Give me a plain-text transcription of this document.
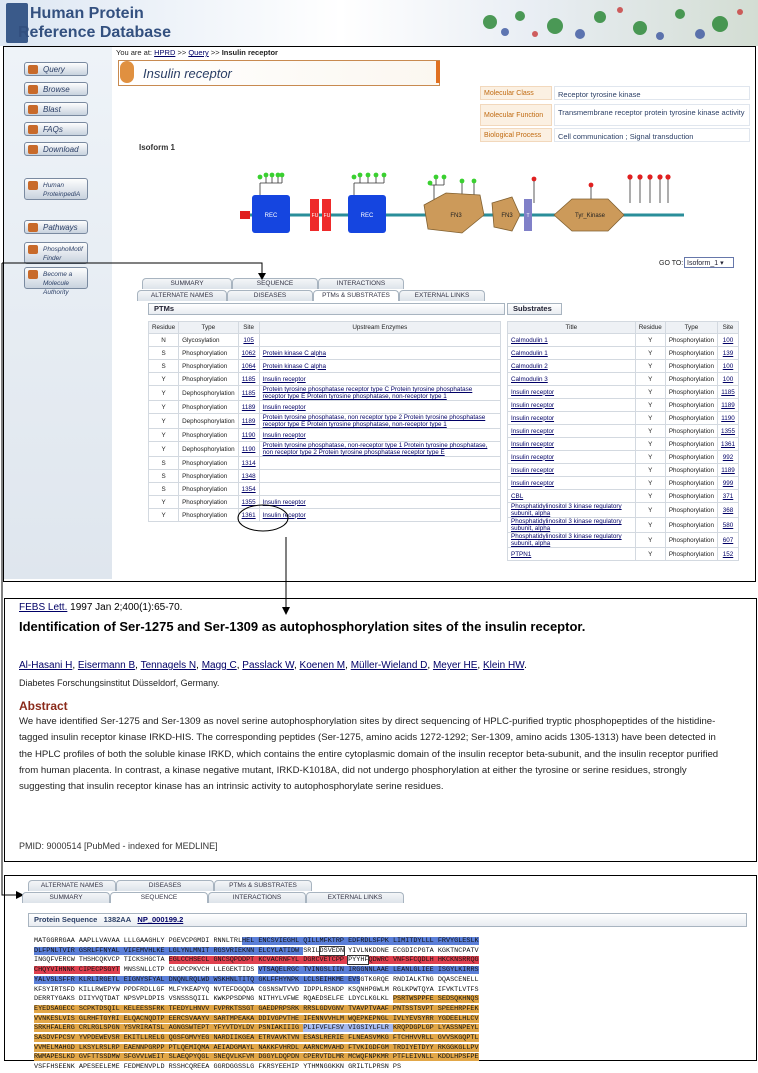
Human Protein
Reference Database
Query
Browse
Blast
FAQs
Download
Human ProteinpediA
Pathways
PhosphoMotif Finder
Become a Molecule Authority
You are at: HPRD >> Query >> Insulin receptor
Insulin receptor
Molecular Class	Receptor tyrosine kinase
Molecular Function	Transmembrane receptor protein tyrosine kinase activity
Biological Process	Cell communication ; Signal transduction
Isoform 1
REC	FU FU	REC	FN3	FN3	T	Tyr_Kinase
GO TO: Isoform_1 ▾
SUMMARY	SEQUENCE	INTERACTIONS
ALTERNATE NAMES	DISEASES	PTMs & SUBSTRATES	EXTERNAL LINKS
PTMs
Residue	Type	Site	Upstream Enzymes
N	Glycosylation	105	
S	Phosphorylation	1062	Protein kinase C alpha
S	Phosphorylation	1064	Protein kinase C alpha
Y	Phosphorylation	1185	Insulin receptor
Y	Dephosphorylation	1185	Protein tyrosine phosphatase receptor type C Protein tyrosine phosphatase receptor type E Protein tyrosine phosphatase, non-receptor type 1
Y	Phosphorylation	1189	Insulin receptor
Y	Dephosphorylation	1189	Protein tyrosine phosphatase, non receptor type 2 Protein tyrosine phosphatase receptor type E Protein tyrosine phosphatase, non-receptor type 1
Y	Phosphorylation	1190	Insulin receptor
Y	Dephosphorylation	1190	Protein tyrosine phosphatase, non-receptor type 1 Protein tyrosine phosphatase, non receptor type 2 Protein tyrosine phosphatase receptor type E
S	Phosphorylation	1314	
S	Phosphorylation	1348	
S	Phosphorylation	1354	
Y	Phosphorylation	1355	Insulin receptor
Y	Phosphorylation	1361	Insulin receptor
Substrates
Title	Residue	Type	Site
Calmodulin 1	Y	Phosphorylation	100
Calmodulin 1	Y	Phosphorylation	139
Calmodulin 2	Y	Phosphorylation	100
Calmodulin 3	Y	Phosphorylation	100
Insulin receptor	Y	Phosphorylation	1185
Insulin receptor	Y	Phosphorylation	1189
Insulin receptor	Y	Phosphorylation	1190
Insulin receptor	Y	Phosphorylation	1355
Insulin receptor	Y	Phosphorylation	1361
Insulin receptor	Y	Phosphorylation	992
Insulin receptor	Y	Phosphorylation	1189
Insulin receptor	Y	Phosphorylation	999
CBL	Y	Phosphorylation	371
Phosphatidylinositol 3 kinase regulatory subunit, alpha	Y	Phosphorylation	368
Phosphatidylinositol 3 kinase regulatory subunit, alpha	Y	Phosphorylation	580
Phosphatidylinositol 3 kinase regulatory subunit, alpha	Y	Phosphorylation	607
PTPN1	Y	Phosphorylation	152
FEBS Lett. 1997 Jan 2;400(1):65-70.
Identification of Ser-1275 and Ser-1309 as autophosphorylation sites of the insulin receptor.
Al-Hasani H, Eisermann B, Tennagels N, Magg C, Passlack W, Koenen M, Müller-Wieland D, Meyer HE, Klein HW.
Diabetes Forschungsinstitut Düsseldorf, Germany.
Abstract
We have identified Ser-1275 and Ser-1309 as novel serine autophosphorylation sites by direct sequencing of HPLC-purified tryptic phosphopeptides of the histidine-tagged insulin receptor kinase IRKD-HIS. The corresponding peptides (Ser-1275, amino acids 1272-1292; Ser-1309, amino acids 1305-1313) have been detected in the HPLC profiles of both the soluble kinase IRKD, which contains the entire cytoplasmic domain of the insulin receptor beta-subunit, and the insulin receptor purified from human placenta. In contrast, a kinase negative mutant, IRKD-K1018A, did not undergo phosphorylation at either the tyrosine or serine residues, strongly suggesting that insulin receptor kinase has an intrinsic activity to autophosphorylate serine residues.
PMID: 9000514 [PubMed - indexed for MEDLINE]
ALTERNATE NAMES	DISEASES	PTMs & SUBSTRATES
SUMMARY	SEQUENCE	INTERACTIONS	EXTERNAL LINKS
Protein Sequence 1382AA NP_000199.2
MATGGRRGAA AAPLLVAVAA LLLGAAGHLY PGEVCPGMDI RNNLTRLHEL ENCSVIEGHL QILLMFKTRP EDFRDLSFPK LIMITDYLLL FRVYGLESLK
DLFPNLTVIR GSRLFFNYAL VIFEMVHLKE LGLYNLMNIT RGSVRIEKNN ELCYLATIDW SRILDSVEDN YIVLNKDDNE ECGDICPGTA KGKTNCPATV
INGQFVERCW THSHCQKVCP TICKSHGCTA EGLCCHSECL GNCSQPDDPT KCVACRNFYL DGRCVETCPP PYYHFQDWRC VNFSFCQDLH HKCKNSRRQG
CHQYVIHNNK CIPECPSGYT MNSSNLLCTP CLGPCPKVCH LLEGEKTIDS VTSAQELRGC TVINGSLIIN IRGGNNLAAE LEANLGLIEE ISGYLKIRRS
YALVSLSFFR KLRLIRGETL EIGNYSFYAL DNQNLRQLWD WSKHNLTITQ GKLFFHYNPK LCLSEIHKME EVSGTKGRQE RNDIALKTNG DQASCENELL
KFSYIRTSFD KILLRWEPYW PPDFRDLLGF MLFYKEAPYQ NVTEFDGQDA CGSNSWTVVD IDPPLRSNDP KSQNHPGWLM RGLKPWTQYA IFVKTLVTFS
DERRTYGAKS DIIYVQTDAT NPSVPLDPIS VSNSSSQIIL KWKPPSDPNG NITHYLVFWE RQAEDSELFE LDYCLKGLKL PSRTWSPPFE SEDSQKHNQS
EYEDSAGECC SCPKTDSQIL KELEESSFRK TFEDYLHNVV FVPRKTSSGT GAEDPRPSRK RRSLGDVGNV TVAVPTVAAF PNTSSTSVPT SPEEHRPFEK
VVNKESLVIS GLRHFTGYRI ELQACNQDTP EERCSVAAYV SARTMPEAKA DDIVGPVTHE IFENNVVHLM WQEPKEPNGL IVLYEVSYRR YGDEELHLCV
SRKHFALERG CRLRGLSPGN YSVRIRATSL AGNGSWTEPT YFYVTDYLDV PSNIAKIIIG PLIFVFLFSV VIGSIYLFLR KRQPDGPLGP LYASSNPEYL
SASDVFPCSV YVPDEWEVSR EKITLLRELG QGSFGMVYEG NARDIIKGEA ETRVAVKTVN ESASLRERIE FLNEASVMKG FTCHHVVRLL GVVSKGQPTL
VVMELMAHGD LKSYLRSLRP EAENNPGRPP PTLQEMIQMA AEIADGMAYL NAKKFVHRDL AARNCMVAHD FTVKIGDFGM TRDIYETDYY RKGGKGLLPV
RWMAPESLKD GVFTTSSDMW SFGVVLWEIT SLAEQPYQGL SNEQVLKFVM DGGYLDQPDN CPERVTDLMR MCWQFNPKMR PTFLEIVNLL KDDLHPSFPE
VSFFHSEENK APESEELEME FEDMENVPLD RSSHCQREEA GGRDGGSSLG FKRSYEEHIP YTHMNGGKKN GRILTLPRSN PS
